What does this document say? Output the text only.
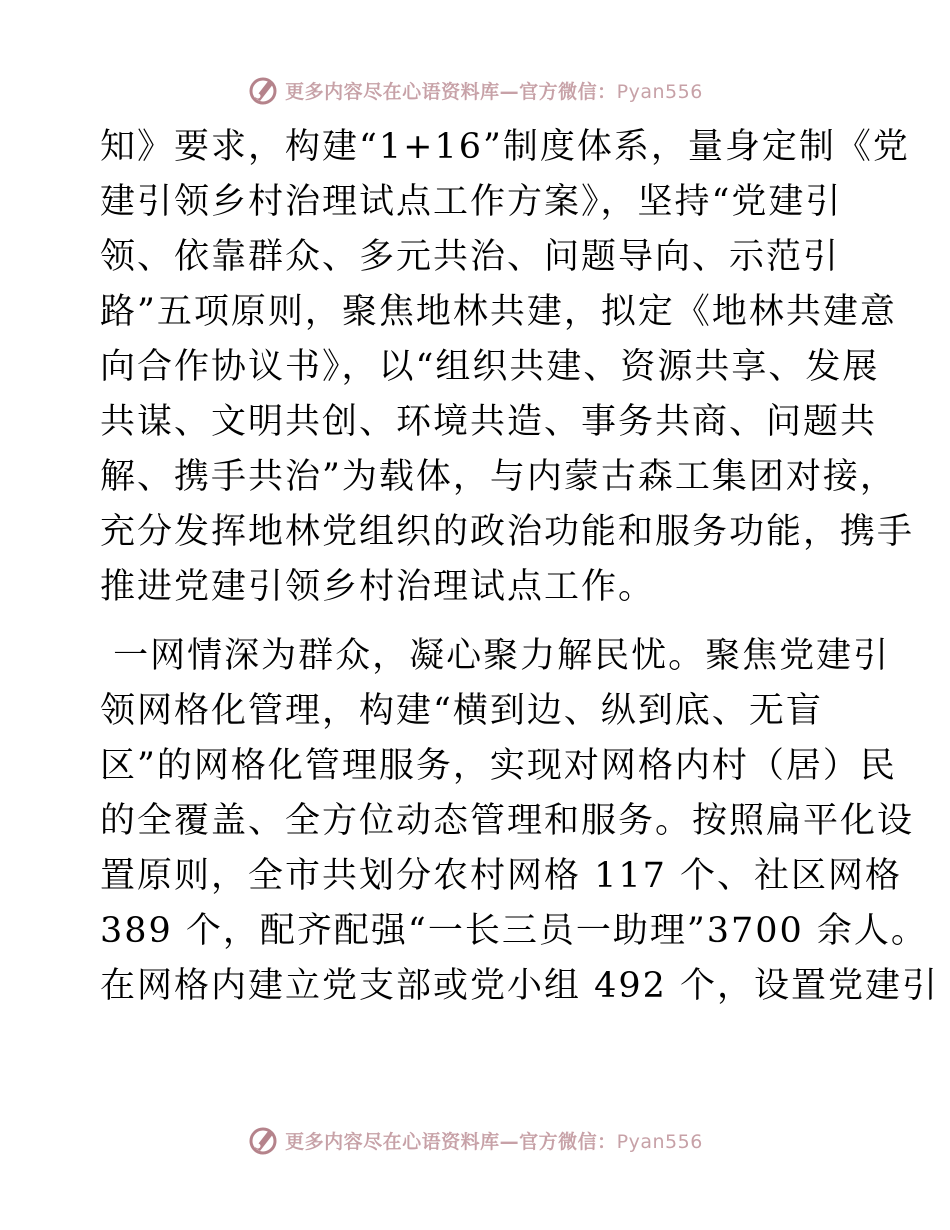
更多内容尽在心语资料库—官方微信：Pyan556

知》要求，构建“1+16”制度体系，量身定制《党
建引领乡村治理试点工作方案》，坚持“党建引
领、依靠群众、多元共治、问题导向、示范引
路”五项原则，聚焦地林共建，拟定《地林共建意
向合作协议书》，以“组织共建、资源共享、发展
共谋、文明共创、环境共造、事务共商、问题共
解、携手共治”为载体，与内蒙古森工集团对接，
充分发挥地林党组织的政治功能和服务功能，携手
推进党建引领乡村治理试点工作。

一网情深为群众，凝心聚力解民忧。聚焦党建引
领网格化管理，构建“横到边、纵到底、无盲
区”的网格化管理服务，实现对网格内村（居）民
的全覆盖、全方位动态管理和服务。按照扁平化设
置原则，全市共划分农村网格 117 个、社区网格
389 个，配齐配强“一长三员一助理”3700 余人。
在网格内建立党支部或党小组 492 个，设置党建引

更多内容尽在心语资料库—官方微信：Pyan556
